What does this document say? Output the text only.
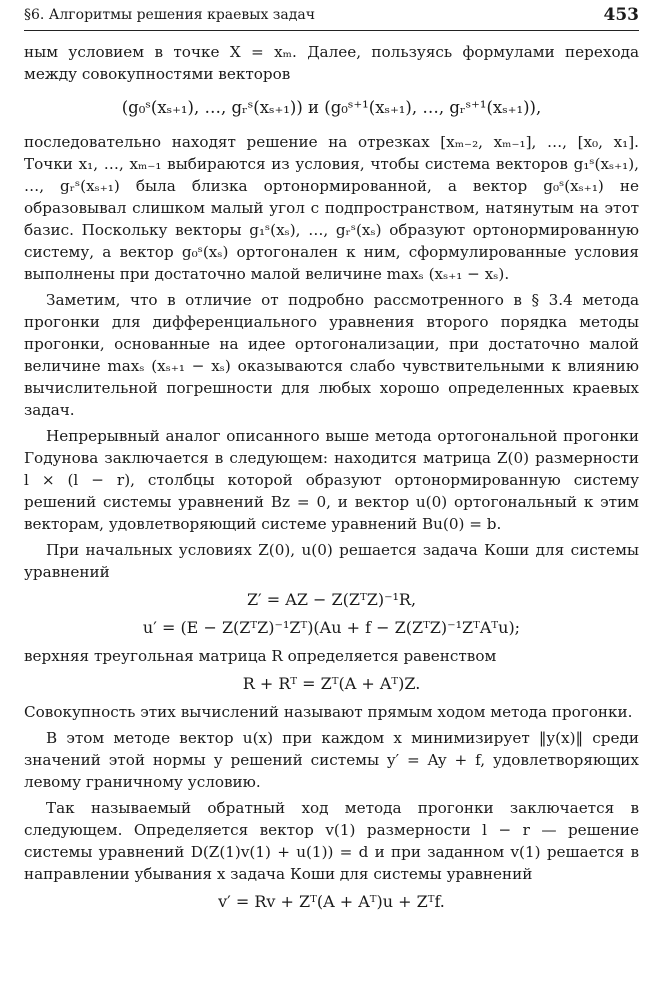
§6. Алгоритмы решения краевых задач	453

ным условием в точке X = xₘ. Далее, пользуясь формулами перехода между совокупностями векторов

(g₀ˢ(xₛ₊₁), …, gᵣˢ(xₛ₊₁)) и (g₀ˢ⁺¹(xₛ₊₁), …, gᵣˢ⁺¹(xₛ₊₁)),

последовательно находят решение на отрезках [xₘ₋₂, xₘ₋₁], …, [x₀, x₁]. Точки x₁, …, xₘ₋₁ выбираются из условия, чтобы система векторов g₁ˢ(xₛ₊₁), …, gᵣˢ(xₛ₊₁) была близка ортонормированной, а вектор g₀ˢ(xₛ₊₁) не образовывал слишком малый угол с подпространством, натянутым на этот базис. Поскольку векторы g₁ˢ(xₛ), …, gᵣˢ(xₛ) образуют ортонормированную систему, а вектор g₀ˢ(xₛ) ортогонален к ним, сформулированные условия выполнены при достаточно малой величине maxₛ (xₛ₊₁ − xₛ).

Заметим, что в отличие от подробно рассмотренного в § 3.4 метода прогонки для дифференциального уравнения второго порядка методы прогонки, основанные на идее ортогонализации, при достаточно малой величине maxₛ (xₛ₊₁ − xₛ) оказываются слабо чувствительными к влиянию вычислительной погрешности для любых хорошо определенных краевых задач.

Непрерывный аналог описанного выше метода ортогональной прогонки Годунова заключается в следующем: находится матрица Z(0) размерности l × (l − r), столбцы которой образуют ортонормированную систему решений системы уравнений Bz = 0, и вектор u(0) ортогональный к этим векторам, удовлетворяющий системе уравнений Bu(0) = b.

При начальных условиях Z(0), u(0) решается задача Коши для системы уравнений

Z′ = AZ − Z(ZᵀZ)⁻¹R,
u′ = (E − Z(ZᵀZ)⁻¹Zᵀ)(Au + f − Z(ZᵀZ)⁻¹ZᵀAᵀu);

верхняя треугольная матрица R определяется равенством

R + Rᵀ = Zᵀ(A + Aᵀ)Z.

Совокупность этих вычислений называют прямым ходом метода прогонки.

В этом методе вектор u(x) при каждом x минимизирует ‖y(x)‖ среди значений этой нормы у решений системы y′ = Ay + f, удовлетворяющих левому граничному условию.

Так называемый обратный ход метода прогонки заключается в следующем. Определяется вектор v(1) размерности l − r — решение системы уравнений D(Z(1)v(1) + u(1)) = d и при заданном v(1) решается в направлении убывания x задача Коши для системы уравнений

v′ = Rv + Zᵀ(A + Aᵀ)u + Zᵀf.
